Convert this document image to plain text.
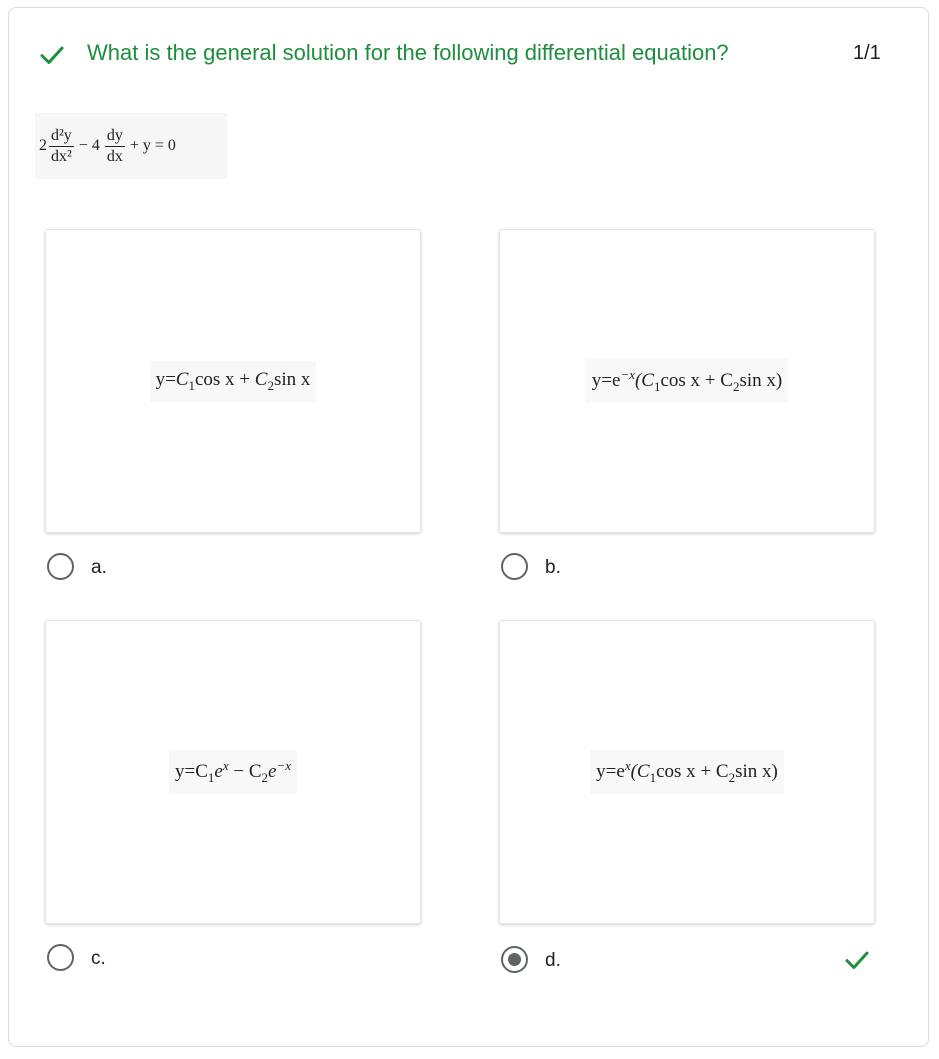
What is the general solution for the following differential equation?	1/1
$2 \frac{\text{d²y}}{\text{dx²}} - 4 \frac{dy}{dx} + y = 0$
$y=C_1\cos$ $x + C_2\sin$ x
a.
$y=e^{-x}(C_1\cos$ $x + C_2\sin$ x)
b.
$y=C_1e^x - C_2e^{-x}$
c.
$y=e^x(C_1\cos$ $x + C_2\sin$ x)
d.
